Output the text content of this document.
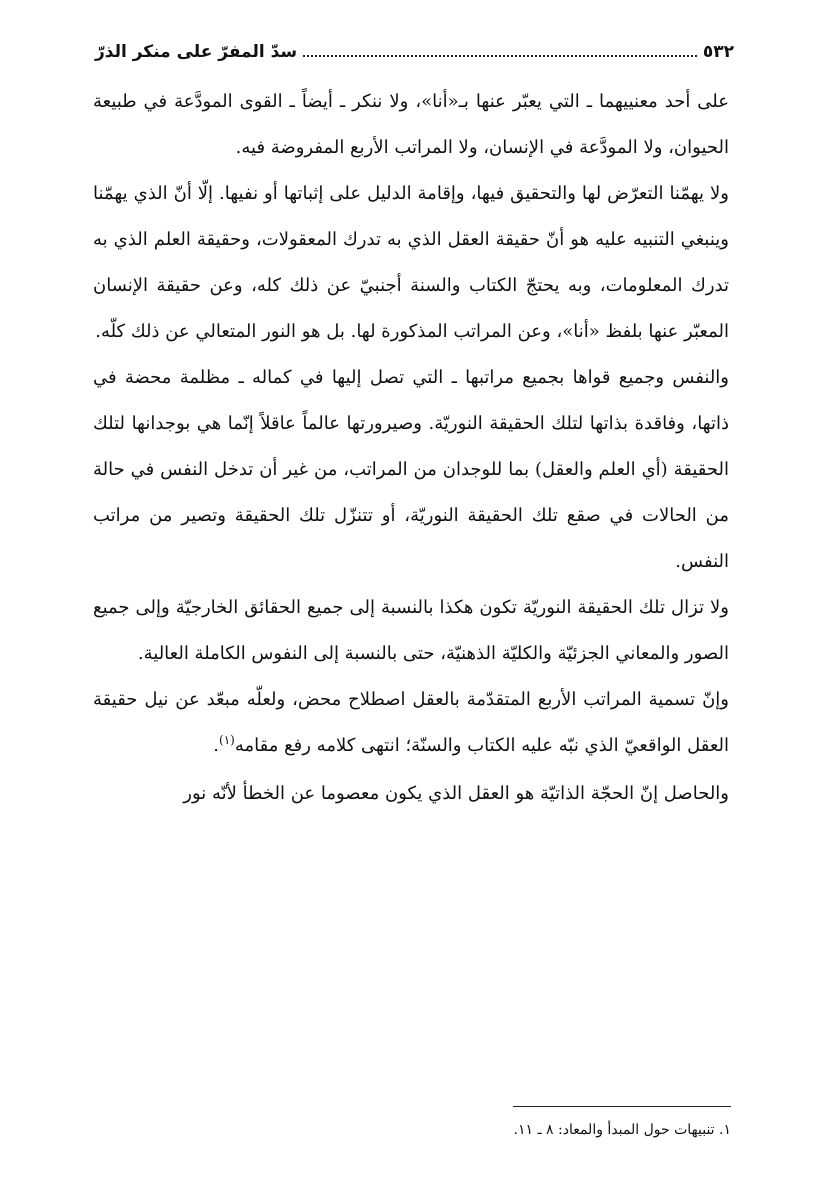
٥٣٢
سدّ المفرّ على منكر الذرّ

على أحد معنييهما ـ التي يعبّر عنها بـ«أنا»، ولا ننكر ـ أيضاً ـ القوى المودَّعة في طبيعة الحيوان، ولا المودَّعة في الإنسان، ولا المراتب الأربع المفروضة فيه.

ولا يهمّنا التعرّض لها والتحقيق فيها، وإقامة الدليل على إثباتها أو نفيها. إلّا أنّ الذي يهمّنا وينبغي التنبيه عليه هو أنّ حقيقة العقل الذي به تدرك المعقولات، وحقيقة العلم الذي به تدرك المعلومات، وبه يحتجّ الكتاب والسنة أجنبيّ عن ذلك كله، وعن حقيقة الإنسان المعبّر عنها بلفظ «أنا»، وعن المراتب المذكورة لها. بل هو النور المتعالي عن ذلك كلّه.

والنفس وجميع قواها بجميع مراتبها ـ التي تصل إليها في كماله ـ مظلمة محضة في ذاتها، وفاقدة بذاتها لتلك الحقيقة النوريّة. وصيرورتها عالماً عاقلاً إنّما هي بوجدانها لتلك الحقيقة (أي العلم والعقل) بما للوجدان من المراتب، من غير أن تدخل النفس في حالة من الحالات في صقع تلك الحقيقة النوريّة، أو تتنزّل تلك الحقيقة وتصير من مراتب النفس.

ولا تزال تلك الحقيقة النوريّة تكون هكذا بالنسبة إلى جميع الحقائق الخارجيّة وإلى جميع الصور والمعاني الجزئيّة والكليّة الذهنيّة، حتى بالنسبة إلى النفوس الكاملة العالية.

وإنّ تسمية المراتب الأربع المتقدّمة بالعقل اصطلاح محض، ولعلّه مبعّد عن نيل حقيقة العقل الواقعيّ الذي نبّه عليه الكتاب والسنّة؛ انتهى كلامه رفع مقامه$^{(١)}$.

والحاصل إنّ الحجّة الذاتيّة هو العقل الذي يكون معصوما عن الخطأ لأنّه نور

١. تنبيهات حول المبدأ والمعاد: ٨ ـ ١١.
